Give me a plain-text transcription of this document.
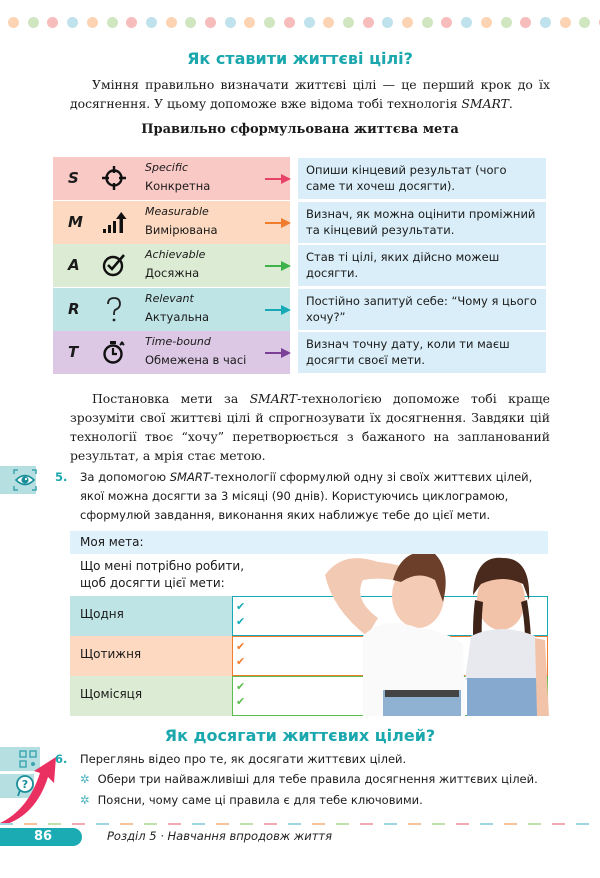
Як ставити життєві цілі?
Уміння правильно визначати життєві цілі — це перший крок до їх досягнення. У цьому допоможе вже відома тобі технологія SMART.
Правильно сформульована життєва мета
S
Specific
Конкретна
Опиши кінцевий результат (чого саме ти хочеш досягти).
M
Measurable
Вимірювана
Визнач, як можна оцінити проміжний та кінцевий результати.
A
Achievable
Досяжна
Став ті цілі, яких дійсно можеш досягти.
R
Relevant
Актуальна
Постійно запитуй себе: “Чому я цього хочу?”
T
Time-bound
Обмежена в часі
Визнач точну дату, коли ти маєш досягти своєї мети.
Постановка мети за SMART-технологією допоможе тобі краще зрозуміти свої життєві цілі й спрогнозувати їх досягнення. Завдяки цій технології твоє “хочу” перетворюється з бажаного на запланований результат, а мрія стає метою.
5. За допомогою SMART-технології сформулюй одну зі своїх життєвих цілей, якої можна досягти за 3 місяці (90 днів). Користуючись циклограмою, сформулюй завдання, виконання яких наближує тебе до цієї мети.
Моя мета:
Що мені потрібно робити, щоб досягти цієї мети:
Щодня
✔
✔
Щотижня
✔
✔
Щомісяця
✔
✔
Як досягати життєвих цілей?
?
6. Переглянь відео про те, як досягати життєвих цілей.
✲ Обери три найважливіші для тебе правила досягнення життєвих цілей.
✲ Поясни, чому саме ці правила є для тебе ключовими.
86	Розділ 5 · Навчання впродовж життя
